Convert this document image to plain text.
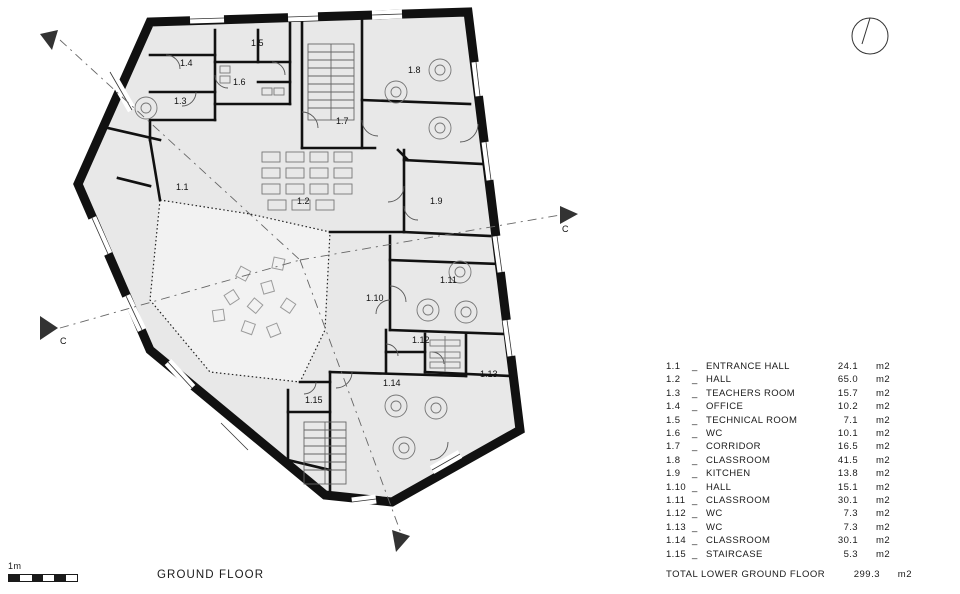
C
C
1.1
1.2
1.3
1.4
1.5
1.6
1.7
1.8
1.9
1.10
1.11
1.12
1.13
1.14
1.15
1.1	_ ENTRANCE HALL	24.1	m2
1.2	_ HALL	65.0	m2
1.3	_ TEACHERS ROOM	15.7	m2
1.4	_ OFFICE	10.2	m2
1.5	_ TECHNICAL ROOM	7.1	m2
1.6	_ WC	10.1	m2
1.7	_ CORRIDOR	16.5	m2
1.8	_ CLASSROOM	41.5	m2
1.9	_ KITCHEN	13.8	m2
1.10 _ HALL	15.1	m2
1.11 _ CLASSROOM	30.1	m2
1.12 _ WC	7.3	m2
1.13 _ WC	7.3	m2
1.14 _ CLASSROOM	30.1	m2
1.15 _ STAIRCASE	5.3	m2
GROUND FLOOR	TOTAL LOWER GROUND FLOOR	299.3	m2
1m
